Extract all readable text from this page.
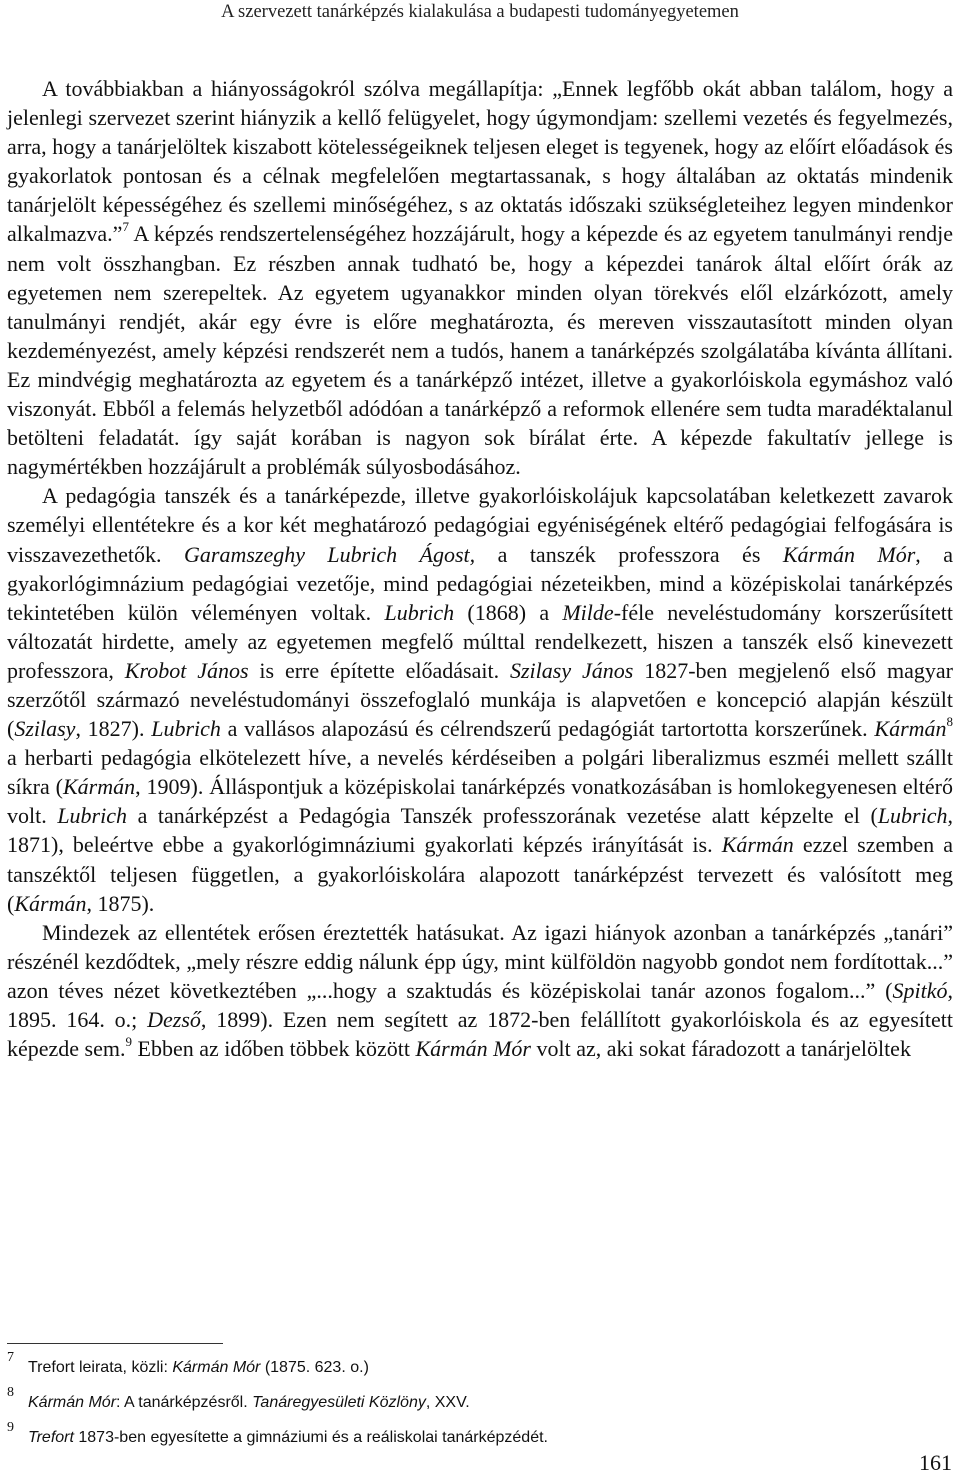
A szervezett tanárképzés kialakulása a budapesti tudományegyetemen

A továbbiakban a hiányosságokról szólva megállapítja: „Ennek legfőbb okát abban találom, hogy a jelenlegi szervezet szerint hiányzik a kellő felügyelet, hogy úgymondjam: szellemi vezetés és fegyelmezés, arra, hogy a tanárjelöltek kiszabott kötelességeiknek teljesen eleget is tegyenek, hogy az előírt előadások és gyakorlatok pontosan és a célnak megfelelően megtartassanak, s hogy általában az oktatás mindenik tanárjelölt képességéhez és szellemi minőségéhez, s az oktatás időszaki szükségleteihez legyen mindenkor alkalmazva.”$^7$ A képzés rendszertelenségéhez hozzájárult, hogy a képezde és az egyetem tanulmányi rendje nem volt összhangban. Ez részben annak tudható be, hogy a képezdei tanárok által előírt órák az egyetemen nem szerepeltek. Az egyetem ugyanakkor minden olyan törekvés elől elzárkózott, amely tanulmányi rendjét, akár egy évre is előre meghatározta, és mereven visszautasított minden olyan kezdeményezést, amely képzési rendszerét nem a tudós, hanem a tanárképzés szolgálatába kívánta állítani. Ez mindvégig meghatározta az egyetem és a tanárképző intézet, illetve a gyakorlóiskola egymáshoz való viszonyát. Ebből a felemás helyzetből adódóan a tanárképző a reformok ellenére sem tudta maradéktalanul betölteni feladatát. így saját korában is nagyon sok bírálat érte. A képezde fakultatív jellege is nagymértékben hozzájárult a problémák súlyosbodásához.

A pedagógia tanszék és a tanárképezde, illetve gyakorlóiskolájuk kapcsolatában keletkezett zavarok személyi ellentétekre és a kor két meghatározó pedagógiai egyéniségének eltérő pedagógiai felfogására is visszavezethetők. Garamszeghy Lubrich Ágost, a tanszék professzora és Kármán Mór, a gyakorlógimnázium pedagógiai vezetője, mind pedagógiai nézeteikben, mind a középiskolai tanárképzés tekintetében külön véleményen voltak. Lubrich (1868) a Milde-féle neveléstudomány korszerűsített változatát hirdette, amely az egyetemen megfelő múlttal rendelkezett, hiszen a tanszék első kinevezett professzora, Krobot János is erre építette előadásait. Szilasy János 1827-ben megjelenő első magyar szerzőtől származó neveléstudományi összefoglaló munkája is alapvetően e koncepció alapján készült (Szilasy, 1827). Lubrich a vallásos alapozású és célrendszerű pedagógiát tartortotta korszerűnek. Kármán$^8$ a herbarti pedagógia elkötelezett híve, a nevelés kérdéseiben a polgári liberalizmus eszméi mellett szállt síkra (Kármán, 1909). Álláspontjuk a középiskolai tanárképzés vonatkozásában is homlokegyenesen eltérő volt. Lubrich a tanárképzést a Pedagógia Tanszék professzorának vezetése alatt képzelte el (Lubrich, 1871), beleértve ebbe a gyakorlógimnáziumi gyakorlati képzés irányítását is. Kármán ezzel szemben a tanszéktől teljesen független, a gyakorlóiskolára alapozott tanárképzést tervezett és valósított meg (Kármán, 1875).

Mindezek az ellentétek erősen éreztették hatásukat. Az igazi hiányok azonban a tanárképzés „tanári” részénél kezdődtek, „mely részre eddig nálunk épp úgy, mint külföldön nagyobb gondot nem fordítottak...” azon téves nézet következtében „...hogy a szaktudás és középiskolai tanár azonos fogalom...” (Spitkó, 1895. 164. o.; Dezső, 1899). Ezen nem segített az 1872-ben felállított gyakorlóiskola és az egyesített képezde sem.$^9$ Ebben az időben többek között Kármán Mór volt az, aki sokat fáradozott a tanárjelöltek

7
Trefort leirata, közli: Kármán Mór (1875. 623. o.)
8
Kármán Mór: A tanárképzésről. Tanáregyesületi Közlöny, XXV.
9
Trefort 1873-ben egyesítette a gimnáziumi és a reáliskolai tanárképzédét.
161
